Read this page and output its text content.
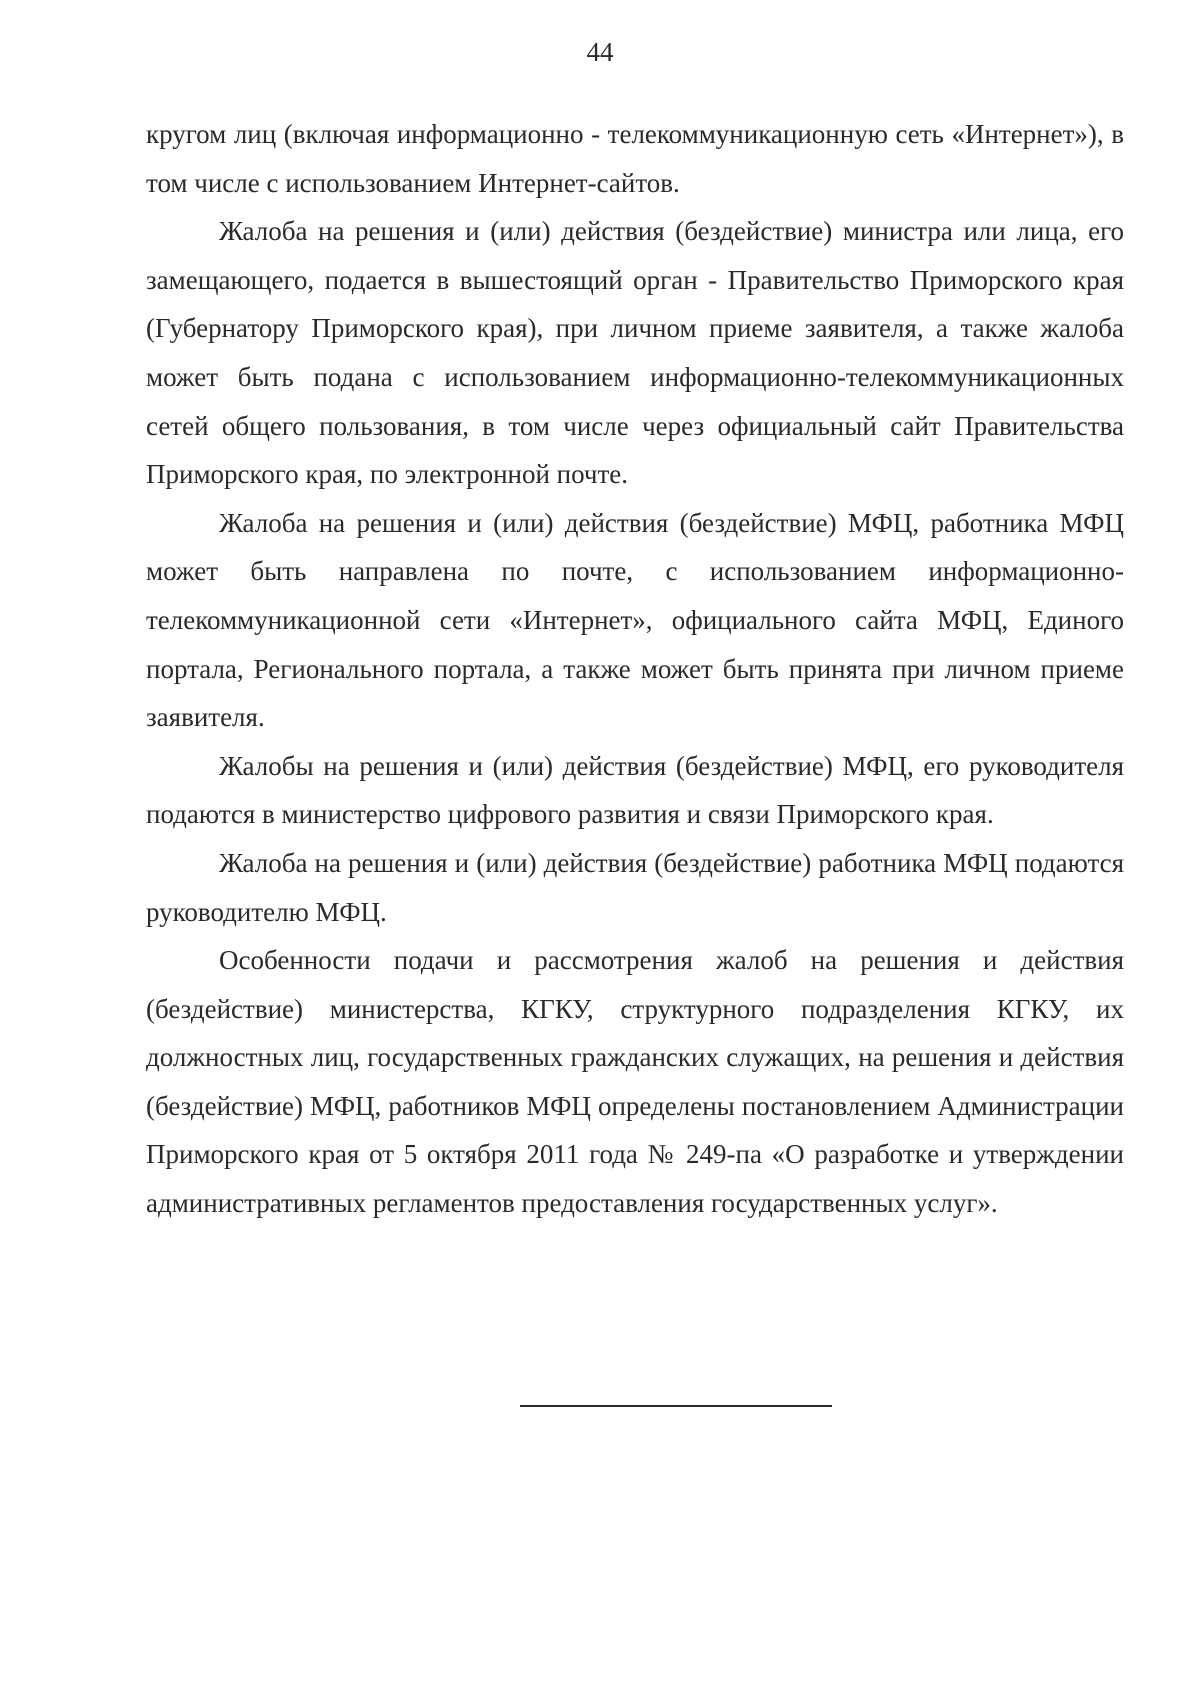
44

кругом лиц (включая информационно - телекоммуникационную сеть «Интернет»), в том числе с использованием Интернет-сайтов.

Жалоба на решения и (или) действия (бездействие) министра или лица, его замещающего, подается в вышестоящий орган - Правительство Приморского края (Губернатору Приморского края), при личном приеме заявителя, а также жалоба может быть подана с использованием информационно-телекоммуникационных сетей общего пользования, в том числе через официальный сайт Правительства Приморского края, по электронной почте.

Жалоба на решения и (или) действия (бездействие) МФЦ, работника МФЦ может быть направлена по почте, с использованием информационно-телекоммуникационной сети «Интернет», официального сайта МФЦ, Единого портала, Регионального портала, а также может быть принята при личном приеме заявителя.

Жалобы на решения и (или) действия (бездействие) МФЦ, его руководителя подаются в министерство цифрового развития и связи Приморского края.

Жалоба на решения и (или) действия (бездействие) работника МФЦ подаются руководителю МФЦ.

Особенности подачи и рассмотрения жалоб на решения и действия (бездействие) министерства, КГКУ, структурного подразделения КГКУ, их должностных лиц, государственных гражданских служащих, на решения и действия (бездействие) МФЦ, работников МФЦ определены постановлением Администрации Приморского края от 5 октября 2011 года № 249-па «О разработке и утверждении административных регламентов предоставления государственных услуг».
